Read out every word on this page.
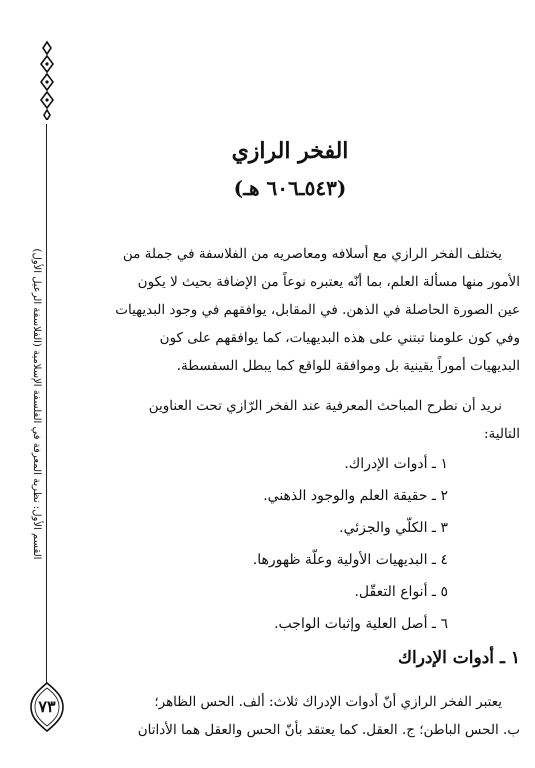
القسم الأول: نظرية المعرفة في الفلسفة الإسلامية (الفلاسفة الرعيل الأول)
٧٣
الفخر الرازي
(٥٤٣ـ٦٠٦ هـ)
يختلف الفخر الرازي مع أسلافه ومعاصريه من الفلاسفة في جملة من
الأمور منها مسألة العلم، بما أنّه يعتبره نوعاً من الإضافة بحيث لا يكون
عين الصورة الحاصلة في الذهن. في المقابل، يوافقهم في وجود البديهيات
وفي كون علومنا تبتني على هذه البديهيات، كما يوافقهم على كون
البديهيات أموراً يقينية بل وموافقة للواقع كما يبطل السفسطة.
نريد أن نطرح المباحث المعرفية عند الفخر الرّازي تحت العناوين
التالية:
١ ـ أدوات الإدراك.
٢ ـ حقيقة العلم والوجود الذهني.
٣ ـ الكلّي والجزئي.
٤ ـ البديهيات الأولية وعلّة ظهورها.
٥ ـ أنواع التعقّل.
٦ ـ أصل العلية وإثبات الواجب.
١ ـ أدوات الإدراك
يعتبر الفخر الرازي أنّ أدوات الإدراك ثلاث: ألف. الحس الظاهر؛
ب. الحس الباطن؛ ج. العقل. كما يعتقد بأنّ الحس والعقل هما الأداتان
